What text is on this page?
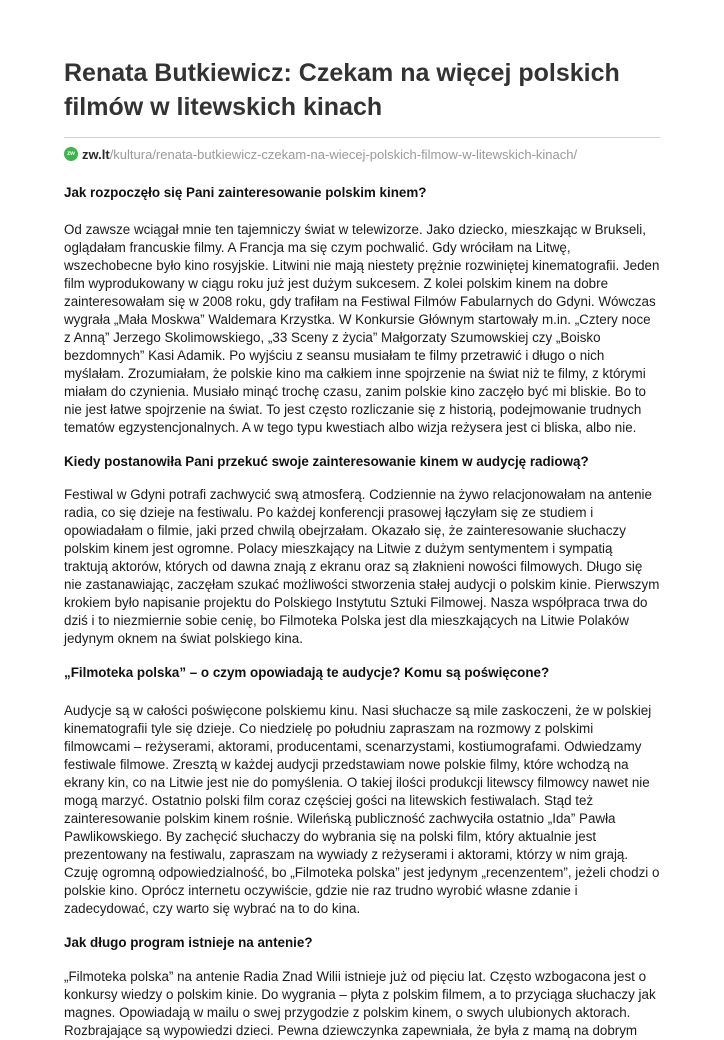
Renata Butkiewicz: Czekam na więcej polskich filmów w litewskich kinach
zw zw.lt /kultura/renata-butkiewicz-czekam-na-wiecej-polskich-filmow-w-litewskich-kinach/

Jak rozpoczęło się Pani zainteresowanie polskim kinem?

Od zawsze wciągał mnie ten tajemniczy świat w telewizorze. Jako dziecko, mieszkając w Brukseli, oglądałam francuskie filmy. A Francja ma się czym pochwalić. Gdy wróciłam na Litwę, wszechobecne było kino rosyjskie. Litwini nie mają niestety prężnie rozwiniętej kinematografii. Jeden film wyprodukowany w ciągu roku już jest dużym sukcesem. Z kolei polskim kinem na dobre zainteresowałam się w 2008 roku, gdy trafiłam na Festiwal Filmów Fabularnych do Gdyni. Wówczas wygrała „Mała Moskwa” Waldemara Krzystka. W Konkursie Głównym startowały m.in. „Cztery noce z Anną” Jerzego Skolimowskiego, „33 Sceny z życia” Małgorzaty Szumowskiej czy „Boisko bezdomnych” Kasi Adamik. Po wyjściu z seansu musiałam te filmy przetrawić i długo o nich myślałam. Zrozumiałam, że polskie kino ma całkiem inne spojrzenie na świat niż te filmy, z którymi miałam do czynienia. Musiało minąć trochę czasu, zanim polskie kino zaczęło być mi bliskie. Bo to nie jest łatwe spojrzenie na świat. To jest często rozliczanie się z historią, podejmowanie trudnych tematów egzystencjonalnych. A w tego typu kwestiach albo wizja reżysera jest ci bliska, albo nie.

Kiedy postanowiła Pani przekuć swoje zainteresowanie kinem w audycję radiową?

Festiwal w Gdyni potrafi zachwycić swą atmosferą. Codziennie na żywo relacjonowałam na antenie radia, co się dzieje na festiwalu. Po każdej konferencji prasowej łączyłam się ze studiem i opowiadałam o filmie, jaki przed chwilą obejrzałam. Okazało się, że zainteresowanie słuchaczy polskim kinem jest ogromne. Polacy mieszkający na Litwie z dużym sentymentem i sympatią traktują aktorów, których od dawna znają z ekranu oraz są złaknieni nowości filmowych. Długo się nie zastanawiając, zaczęłam szukać możliwości stworzenia stałej audycji o polskim kinie. Pierwszym krokiem było napisanie projektu do Polskiego Instytutu Sztuki Filmowej. Nasza współpraca trwa do dziś i to niezmiernie sobie cenię, bo Filmoteka Polska jest dla mieszkających na Litwie Polaków jedynym oknem na świat polskiego kina.

„Filmoteka polska” – o czym opowiadają te audycje? Komu są poświęcone?

Audycje są w całości poświęcone polskiemu kinu. Nasi słuchacze są mile zaskoczeni, że w polskiej kinematografii tyle się dzieje. Co niedzielę po południu zapraszam na rozmowy z polskimi filmowcami – reżyserami, aktorami, producentami, scenarzystami, kostiumografami. Odwiedzamy festiwale filmowe. Zresztą w każdej audycji przedstawiam nowe polskie filmy, które wchodzą na ekrany kin, co na Litwie jest nie do pomyślenia. O takiej ilości produkcji litewscy filmowcy nawet nie mogą marzyć. Ostatnio polski film coraz częściej gości na litewskich festiwalach. Stąd też zainteresowanie polskim kinem rośnie. Wileńską publiczność zachwyciła ostatnio „Ida” Pawła Pawlikowskiego. By zachęcić słuchaczy do wybrania się na polski film, który aktualnie jest prezentowany na festiwalu, zapraszam na wywiady z reżyserami i aktorami, którzy w nim grają. Czuję ogromną odpowiedzialność, bo „Filmoteka polska” jest jedynym „recenzentem”, jeżeli chodzi o polskie kino. Oprócz internetu oczywiście, gdzie nie raz trudno wyrobić własne zdanie i zadecydować, czy warto się wybrać na to do kina.

Jak długo program istnieje na antenie?

„Filmoteka polska” na antenie Radia Znad Wilii istnieje już od pięciu lat. Często wzbogacona jest o konkursy wiedzy o polskim kinie. Do wygrania – płyta z polskim filmem, a to przyciąga słuchaczy jak magnes. Opowiadają w mailu o swej przygodzie z polskim kinem, o swych ulubionych aktorach. Rozbrajające są wypowiedzi dzieci. Pewna dziewczynka zapewniała, że była z mamą na dobrym
